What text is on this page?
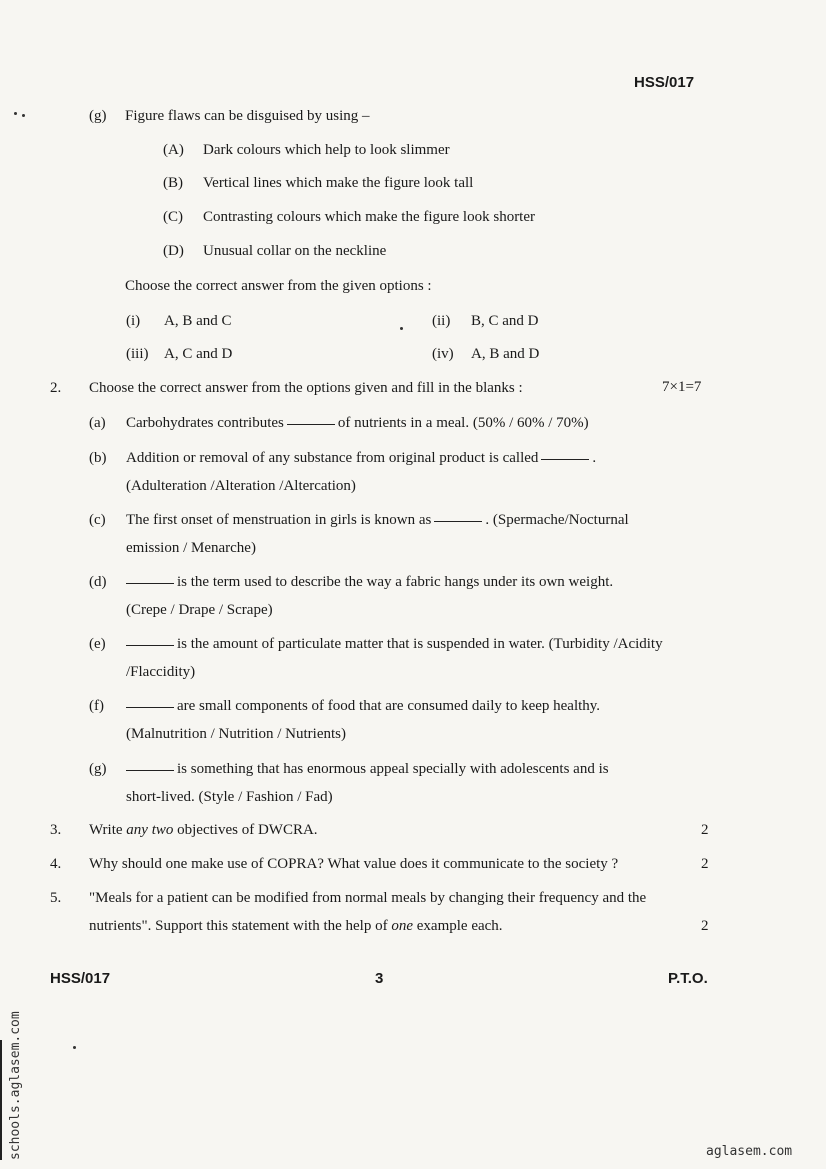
HSS/017
(g) Figure flaws can be disguised by using –
(A) Dark colours which help to look slimmer
(B) Vertical lines which make the figure look tall
(C) Contrasting colours which make the figure look shorter
(D) Unusual collar on the neckline
Choose the correct answer from the given options :
(i) A, B and C	(ii) B, C and D
(iii) A, C and D	(iv) A, B and D
2. Choose the correct answer from the options given and fill in the blanks :	7×1=7
(a) Carbohydrates contributes	of nutrients in a meal. (50% / 60% / 70%)
(b) Addition or removal of any substance from original product is called	.
(Adulteration /Alteration /Altercation)
(c) The first onset of menstruation in girls is known as	. (Spermache/Nocturnal
emission / Menarche)
(d)	is the term used to describe the way a fabric hangs under its own weight.
(Crepe / Drape / Scrape)
(e)	is the amount of particulate matter that is suspended in water. (Turbidity /Acidity
/Flaccidity)
(f)	are small components of food that are consumed daily to keep healthy.
(Malnutrition / Nutrition / Nutrients)
(g)	is something that has enormous appeal specially with adolescents and is
short-lived. (Style / Fashion / Fad)
3. Write any two objectives of DWCRA.	2
4. Why should one make use of COPRA? What value does it communicate to the society ?	2
5. "Meals for a patient can be modified from normal meals by changing their frequency and the
nutrients". Support this statement with the help of one example each.	2
HSS/017	3	P.T.O.
schools.aglasem.com	aglasem.com
